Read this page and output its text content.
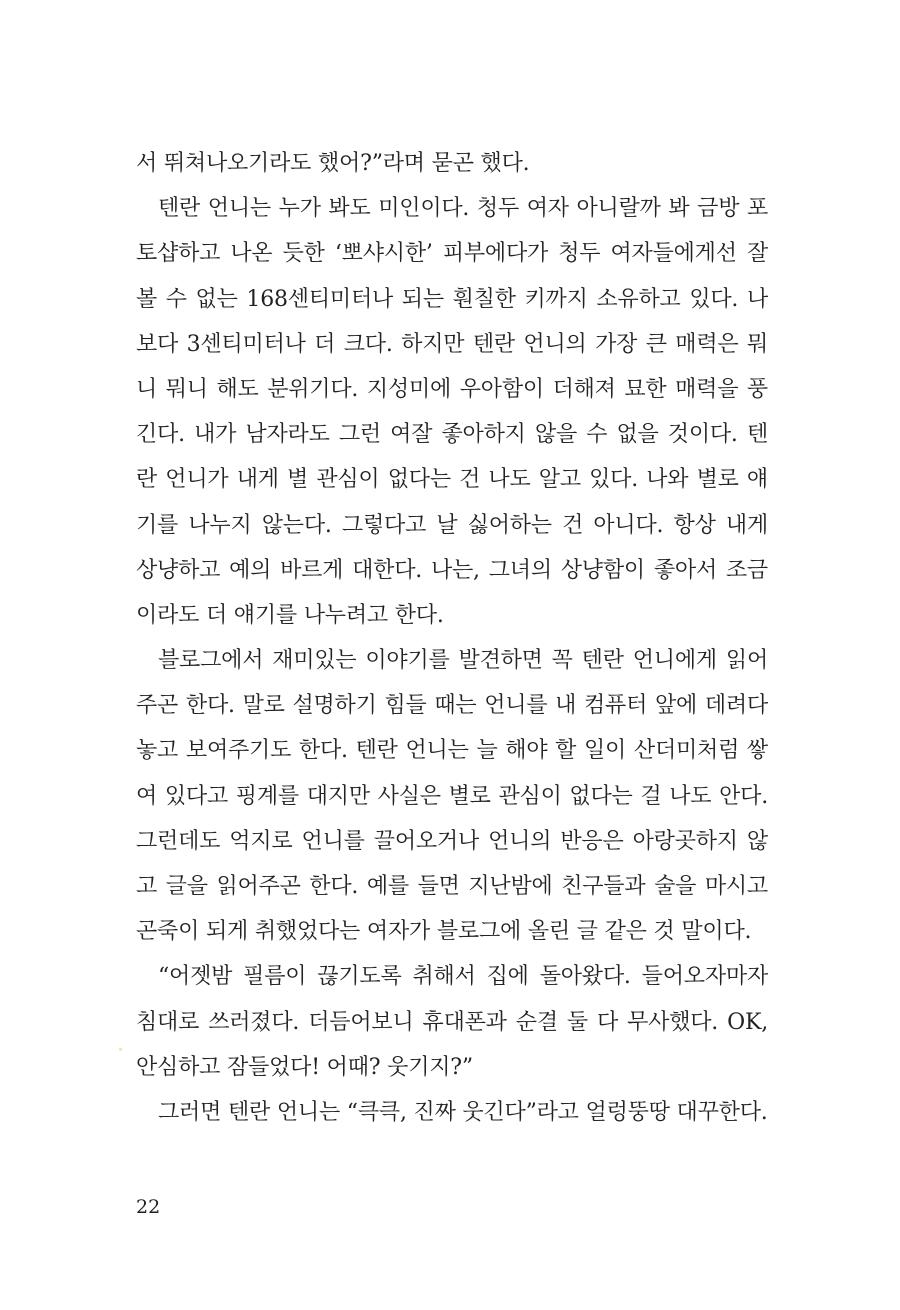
서 뛰쳐나오기라도 했어?”라며 묻곤 했다.
텐란 언니는 누가 봐도 미인이다. 청두 여자 아니랄까 봐 금방 포
토샵하고 나온 듯한 ‘뽀샤시한’ 피부에다가 청두 여자들에게선 잘
볼 수 없는 168센티미터나 되는 훤칠한 키까지 소유하고 있다. 나
보다 3센티미터나 더 크다. 하지만 텐란 언니의 가장 큰 매력은 뭐
니 뭐니 해도 분위기다. 지성미에 우아함이 더해져 묘한 매력을 풍
긴다. 내가 남자라도 그런 여잘 좋아하지 않을 수 없을 것이다. 텐
란 언니가 내게 별 관심이 없다는 건 나도 알고 있다. 나와 별로 얘
기를 나누지 않는다. 그렇다고 날 싫어하는 건 아니다. 항상 내게
상냥하고 예의 바르게 대한다. 나는, 그녀의 상냥함이 좋아서 조금
이라도 더 얘기를 나누려고 한다.
블로그에서 재미있는 이야기를 발견하면 꼭 텐란 언니에게 읽어
주곤 한다. 말로 설명하기 힘들 때는 언니를 내 컴퓨터 앞에 데려다
놓고 보여주기도 한다. 텐란 언니는 늘 해야 할 일이 산더미처럼 쌓
여 있다고 핑계를 대지만 사실은 별로 관심이 없다는 걸 나도 안다.
그런데도 억지로 언니를 끌어오거나 언니의 반응은 아랑곳하지 않
고 글을 읽어주곤 한다. 예를 들면 지난밤에 친구들과 술을 마시고
곤죽이 되게 취했었다는 여자가 블로그에 올린 글 같은 것 말이다.
“어젯밤 필름이 끊기도록 취해서 집에 돌아왔다. 들어오자마자
침대로 쓰러졌다. 더듬어보니 휴대폰과 순결 둘 다 무사했다. OK,
안심하고 잠들었다! 어때? 웃기지?”
그러면 텐란 언니는 “큭큭, 진짜 웃긴다”라고 얼렁뚱땅 대꾸한다.
22
